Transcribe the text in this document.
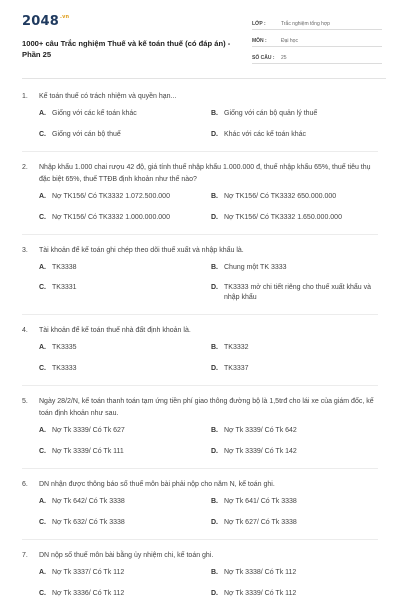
$2048^{.vn}$
1000+ câu Trắc nghiệm Thuế và kế toán thuế (có đáp án) - Phần 25
LỚP :	Trắc nghiệm tổng hợp
MÔN :	Đại học
SỐ CÂU :	25
1.	Kế toán thuế có trách nhiệm và quyền hạn...
A. Giống với các kế toán khác	B. Giống với cán bộ quản lý thuế
C. Giống với cán bộ thuế	D. Khác với các kế toán khác
2.	Nhập khẩu 1.000 chai rượu 42 độ, giá tính thuế nhập khẩu 1.000.000 đ, thuế nhập khẩu 65%, thuế tiêu thụ đặc biệt 65%, thuế TTĐB định khoản như thế nào?
A. Nợ TK156/ Có TK3332 1.072.500.000	B. Nợ TK156/ Có TK3332 650.000.000
C. Nợ TK156/ Có TK3332 1.000.000.000	D. Nợ TK156/ Có TK3332 1.650.000.000
3.	Tài khoản để kế toán ghi chép theo dõi thuế xuất và nhập khẩu là.
A. TK3338	B. Chung một TK 3333
C. TK3331	D. TK3333 mở chi tiết riêng cho thuế xuất khẩu và nhập khẩu
4.	Tài khoản để kế toán thuế nhà đất định khoản là.
A. TK3335	B. TK3332
C. TK3333	D. TK3337
5.	Ngày 28/2/N, kế toán thanh toán tạm ứng tiền phí giao thông đường bộ là 1,5trđ cho lái xe của giám đốc, kế toán định khoản như sau.
A. Nợ Tk 3339/ Có Tk 627	B. Nợ Tk 3339/ Có Tk 642
C. Nợ Tk 3339/ Có Tk 111	D. Nợ Tk 3339/ Có Tk 142
6.	DN nhận được thông báo số thuế môn bài phải nộp cho năm N, kế toán ghi.
A. Nợ Tk 642/ Có Tk 3338	B. Nợ Tk 641/ Có Tk 3338
C. Nợ Tk 632/ Có Tk 3338	D. Nợ Tk 627/ Có Tk 3338
7.	DN nộp số thuế môn bài bằng ủy nhiệm chi, kế toán ghi.
A. Nợ Tk 3337/ Có Tk 112	B. Nợ Tk 3338/ Có Tk 112
C. Nợ Tk 3336/ Có Tk 112	D. Nợ Tk 3339/ Có Tk 112
